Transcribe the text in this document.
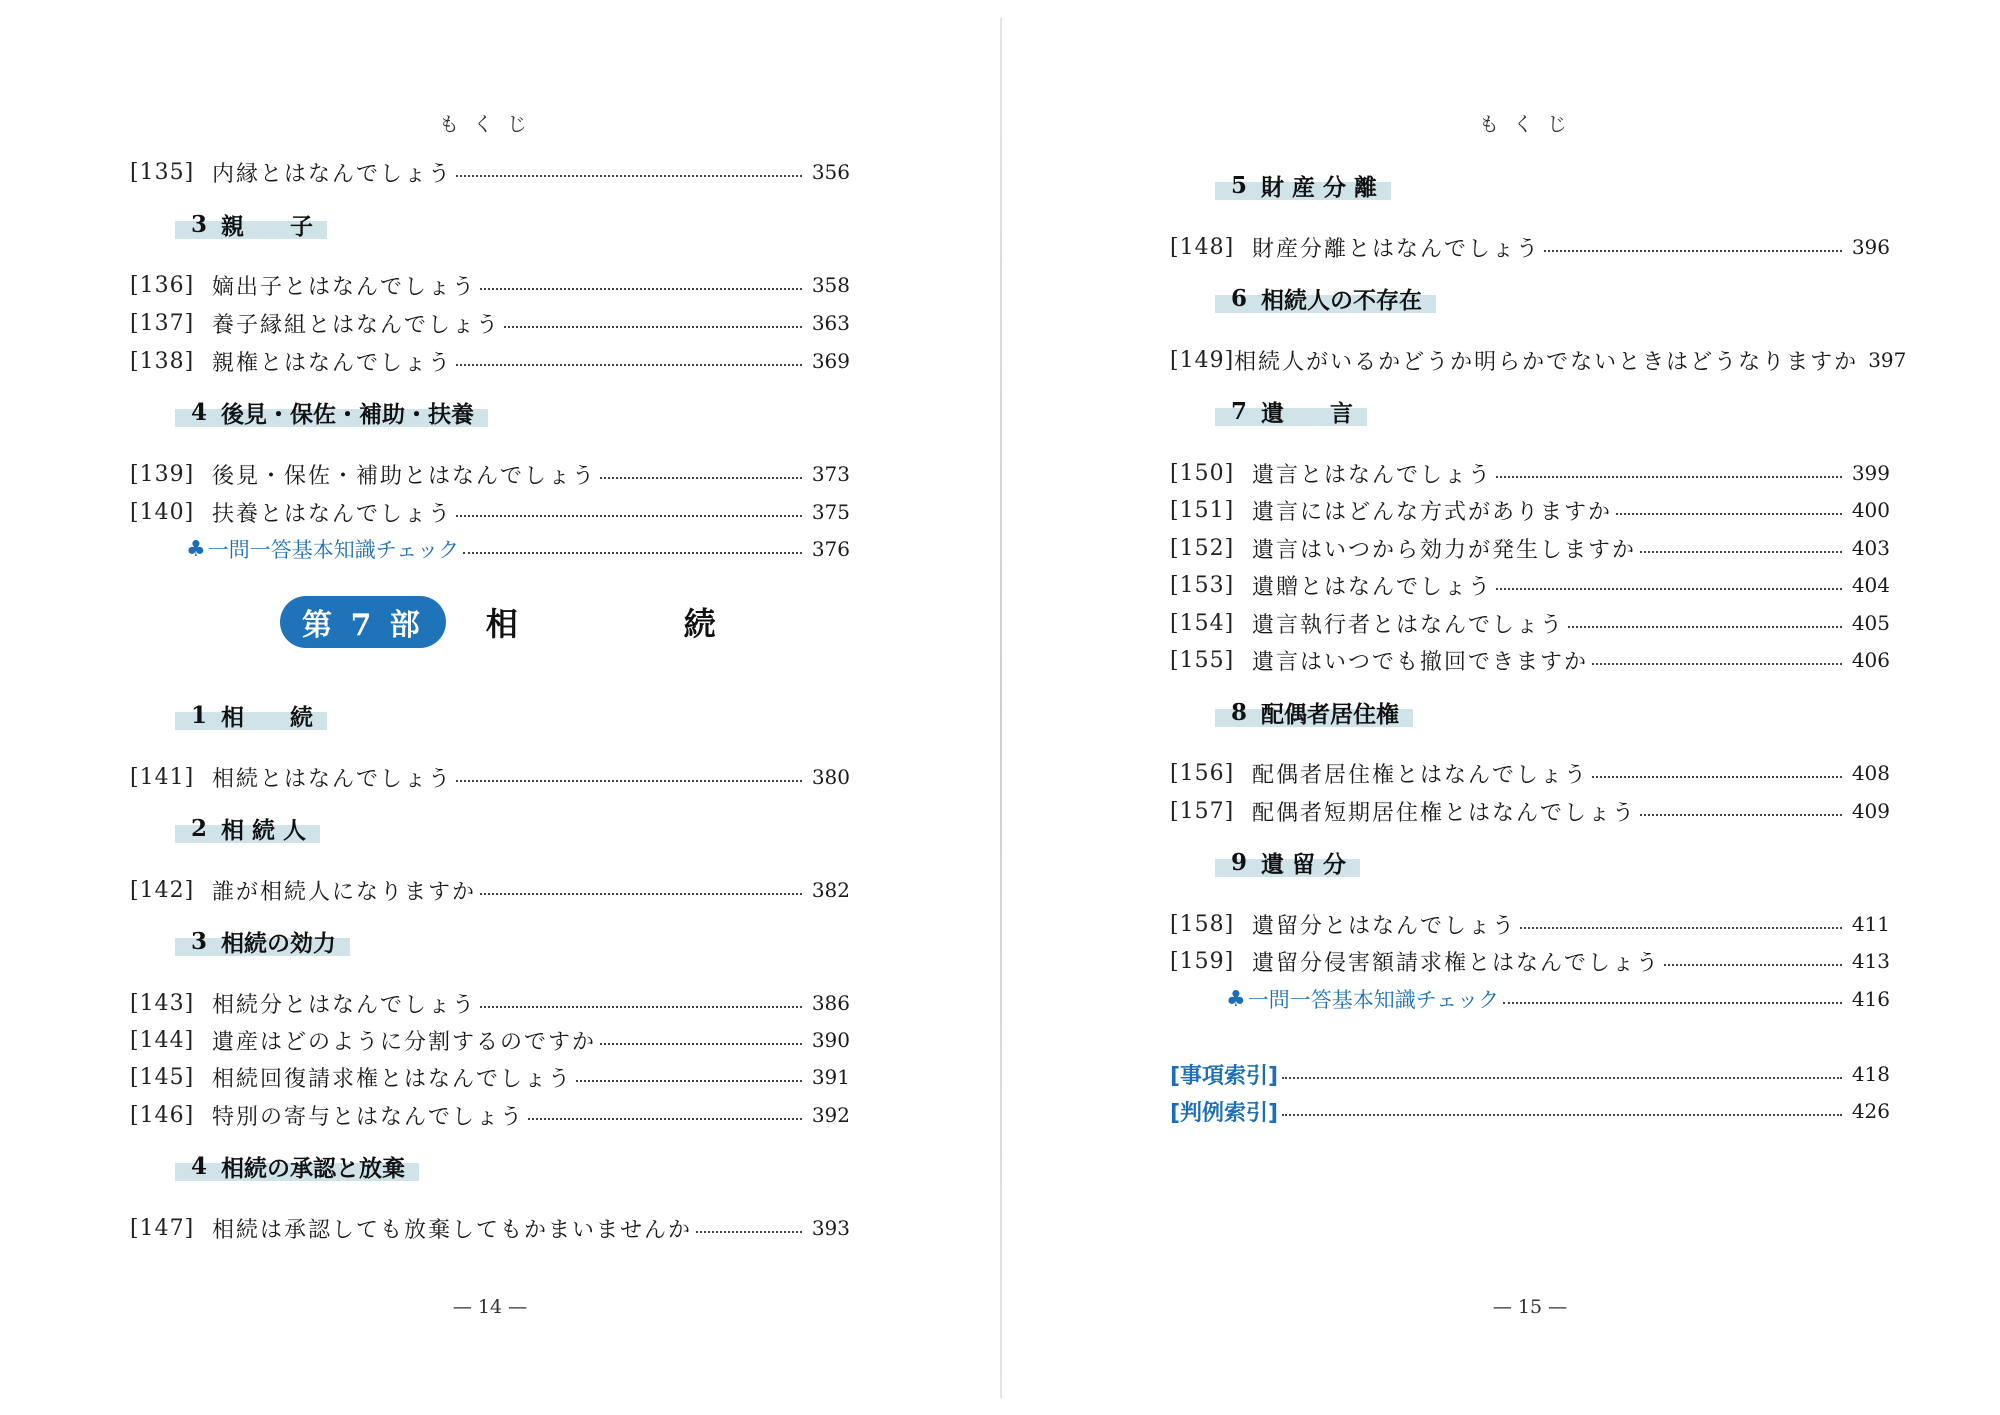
もくじ
[135] 内縁とはなんでしょう	356
3 親　　子
[136] 嫡出子とはなんでしょう	358
[137] 養子縁組とはなんでしょう	363
[138] 親権とはなんでしょう	369
4 後見・保佐・補助・扶養
[139] 後見・保佐・補助とはなんでしょう	373
[140] 扶養とはなんでしょう	375
♣ 一問一答基本知識チェック	376
第 7 部	相　　続
1 相　　続
[141] 相続とはなんでしょう	380
2 相 続 人
[142] 誰が相続人になりますか	382
3 相続の効力
[143] 相続分とはなんでしょう	386
[144] 遺産はどのように分割するのですか	390
[145] 相続回復請求権とはなんでしょう	391
[146] 特別の寄与とはなんでしょう	392
4 相続の承認と放棄
[147] 相続は承認しても放棄してもかまいませんか	393
— 14 —
もくじ
5 財 産 分 離
[148] 財産分離とはなんでしょう	396
6 相続人の不存在
[149] 相続人がいるかどうか明らかでないときはどうなりますか 397
7 遺　　言
[150] 遺言とはなんでしょう	399
[151] 遺言にはどんな方式がありますか	400
[152] 遺言はいつから効力が発生しますか	403
[153] 遺贈とはなんでしょう	404
[154] 遺言執行者とはなんでしょう	405
[155] 遺言はいつでも撤回できますか	406
8 配偶者居住権
[156] 配偶者居住権とはなんでしょう	408
[157] 配偶者短期居住権とはなんでしょう	409
9 遺 留 分
[158] 遺留分とはなんでしょう	411
[159] 遺留分侵害額請求権とはなんでしょう	413
♣ 一問一答基本知識チェック	416
[事項索引]	418
[判例索引]	426
— 15 —
